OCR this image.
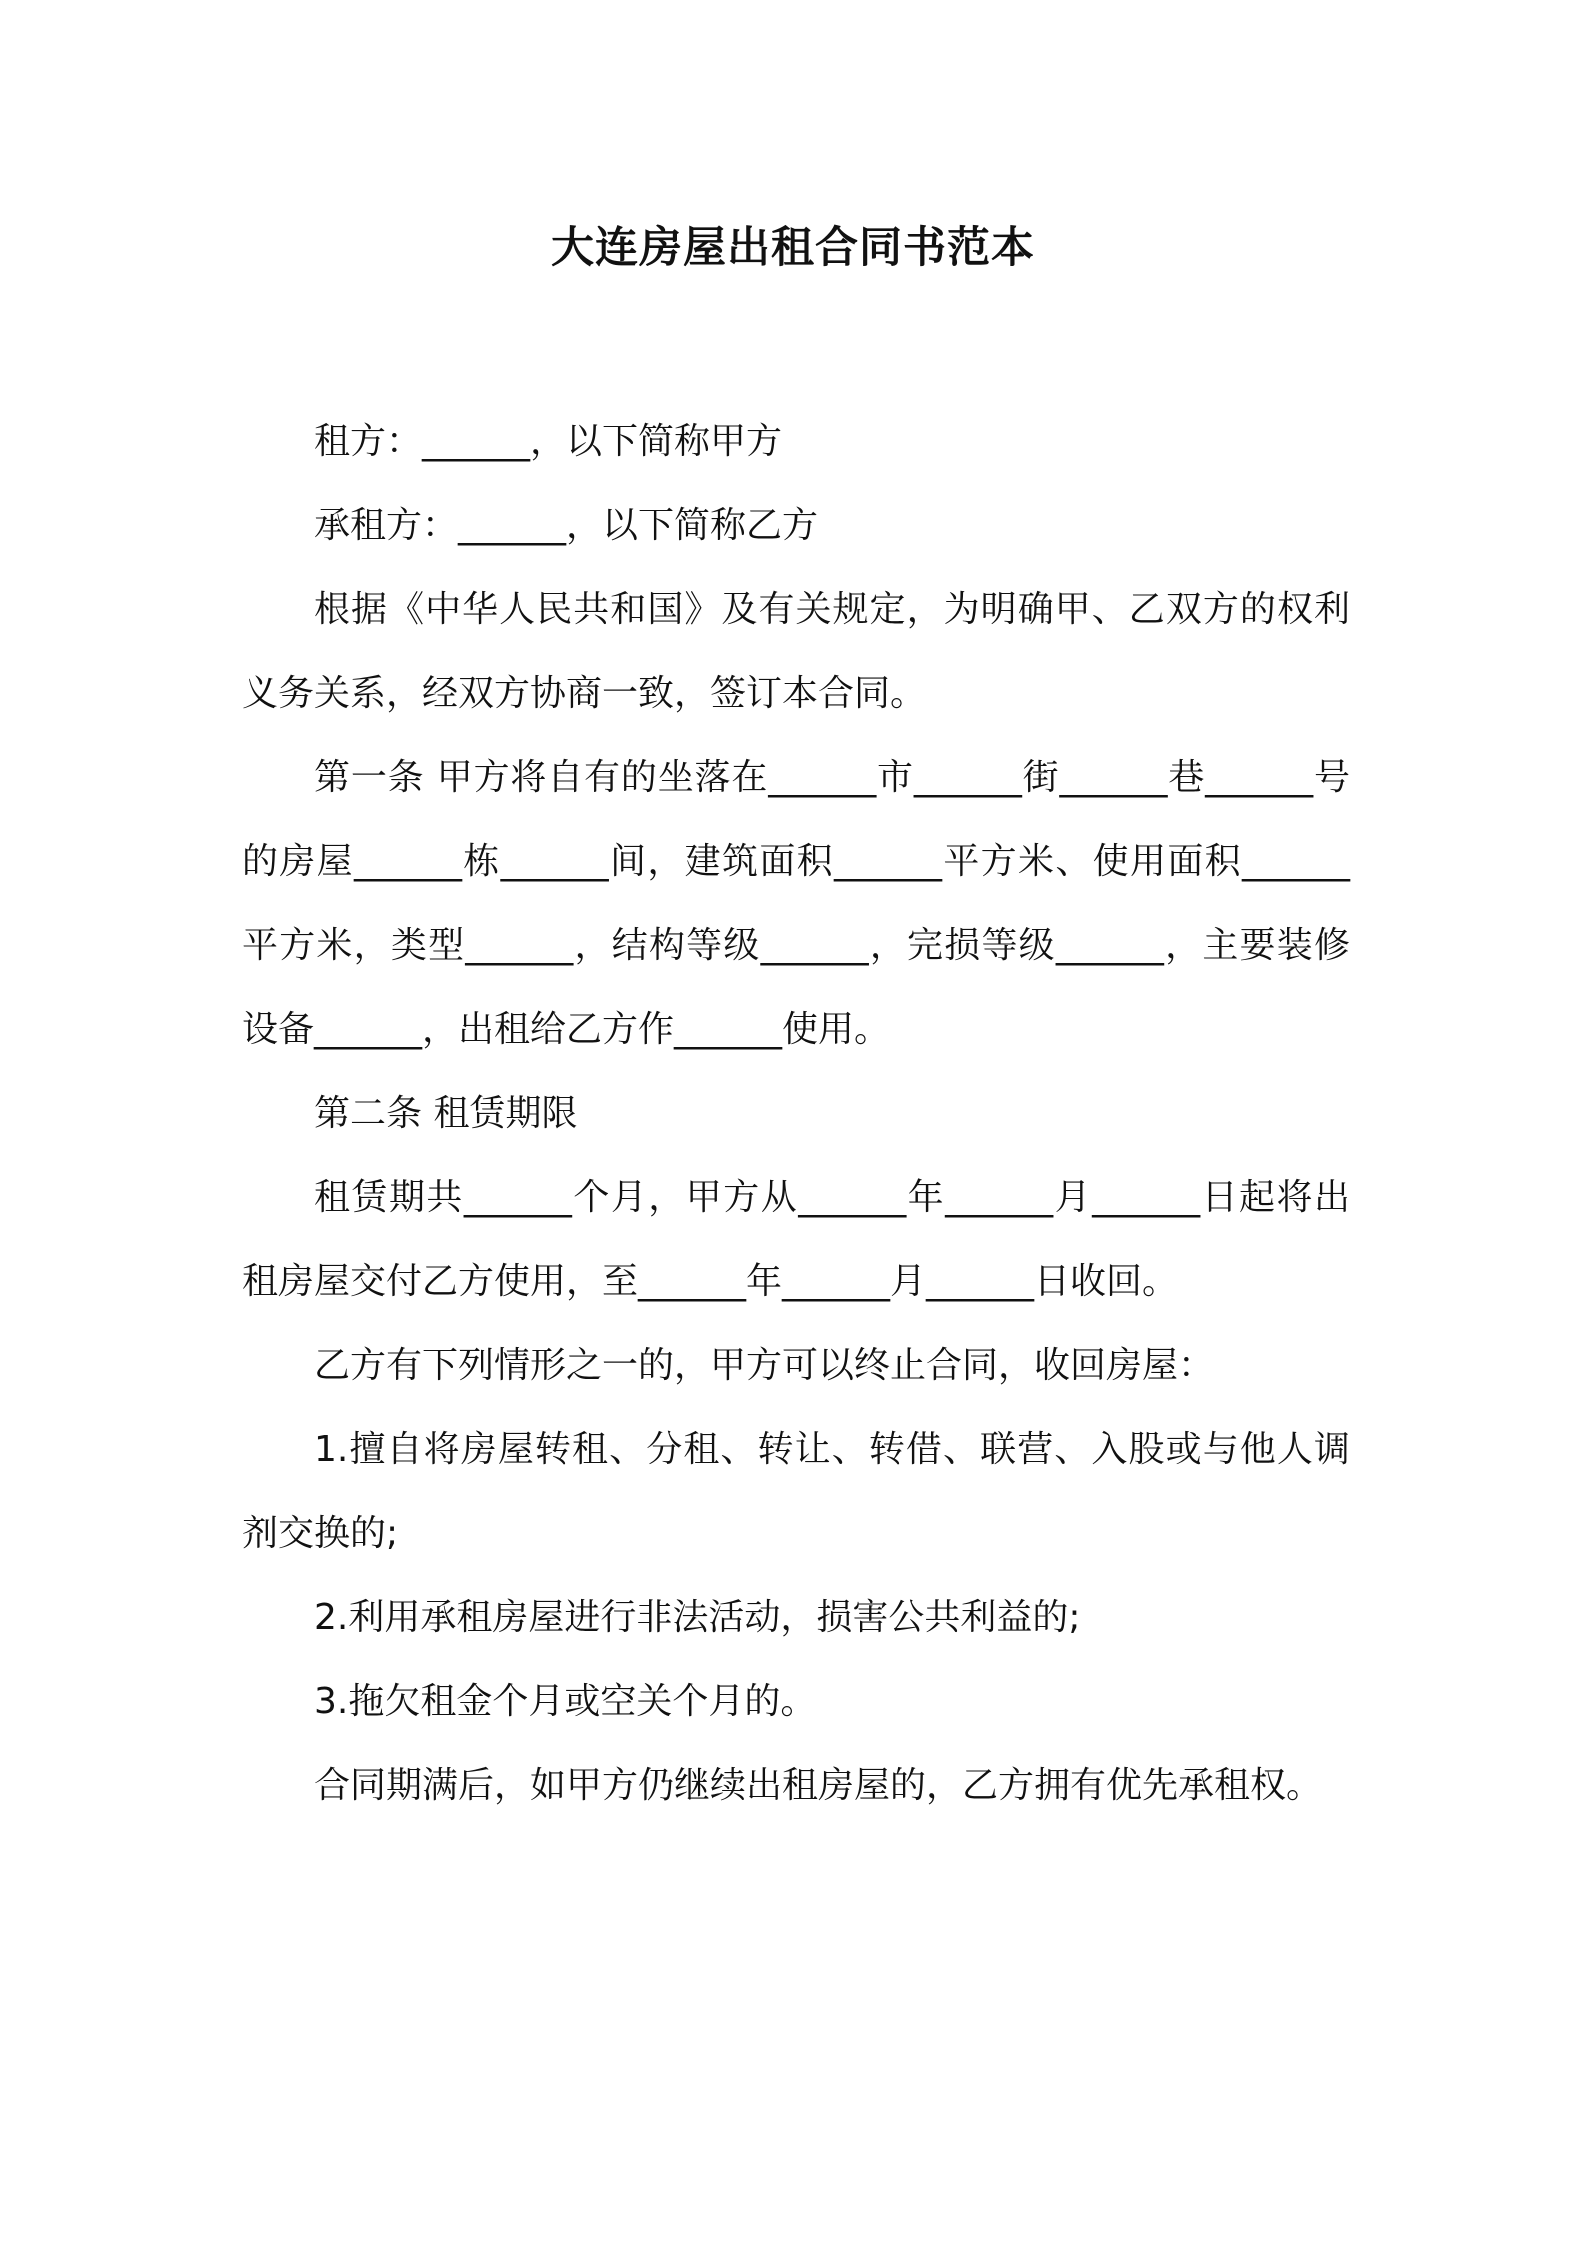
大连房屋出租合同书范本

租方：______，以下简称甲方

承租方：______，以下简称乙方

根据《中华人民共和国》及有关规定，为明确甲、乙双方的权利义务关系，经双方协商一致，签订本合同。

第一条 甲方将自有的坐落在______市______街______巷______号的房屋______栋______间，建筑面积______平方米、使用面积______平方米，类型______，结构等级______，完损等级______，主要装修设备______，出租给乙方作______使用。

第二条 租赁期限

租赁期共______个月，甲方从______年______月______日起将出租房屋交付乙方使用，至______年______月______日收回。

乙方有下列情形之一的，甲方可以终止合同，收回房屋：

1.擅自将房屋转租、分租、转让、转借、联营、入股或与他人调剂交换的;

2.利用承租房屋进行非法活动，损害公共利益的;

3.拖欠租金个月或空关个月的。

合同期满后，如甲方仍继续出租房屋的，乙方拥有优先承租权。
